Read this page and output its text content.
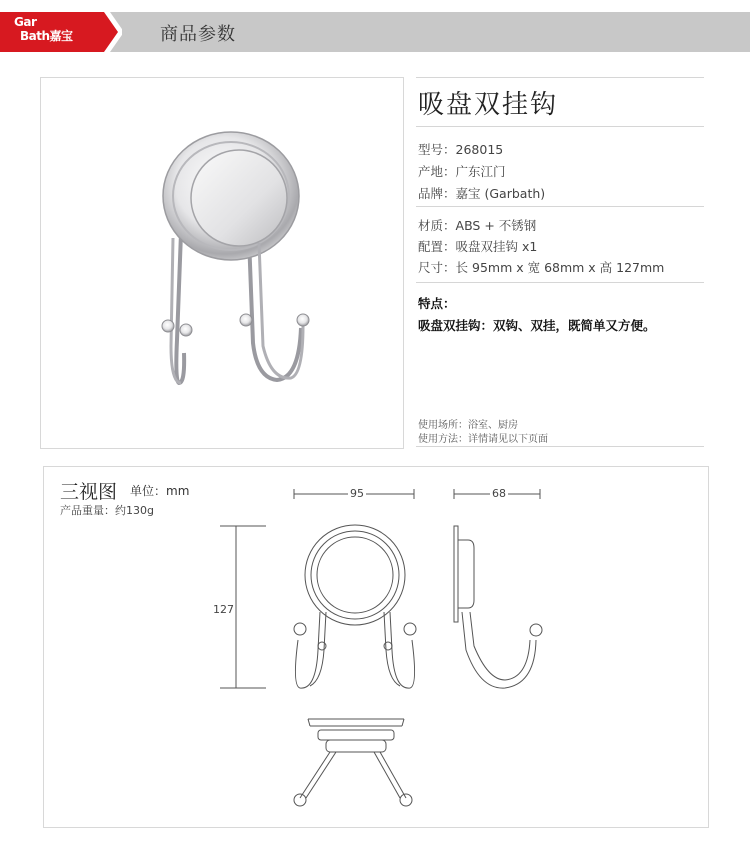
Gar
Bath嘉宝	商品参数
吸盘双挂钩
型号：268015
产地：广东江门
品牌：嘉宝 (Garbath)
材质：ABS + 不锈钢
配置：吸盘双挂钩 x1
尺寸：长 95mm x 宽 68mm x 高 127mm
特点：
吸盘双挂钩：双钩、双挂，既简单又方便。
使用场所：浴室、厨房
使用方法：详情请见以下页面
三视图 单位：mm
产品重量：约130g
95	68
127
